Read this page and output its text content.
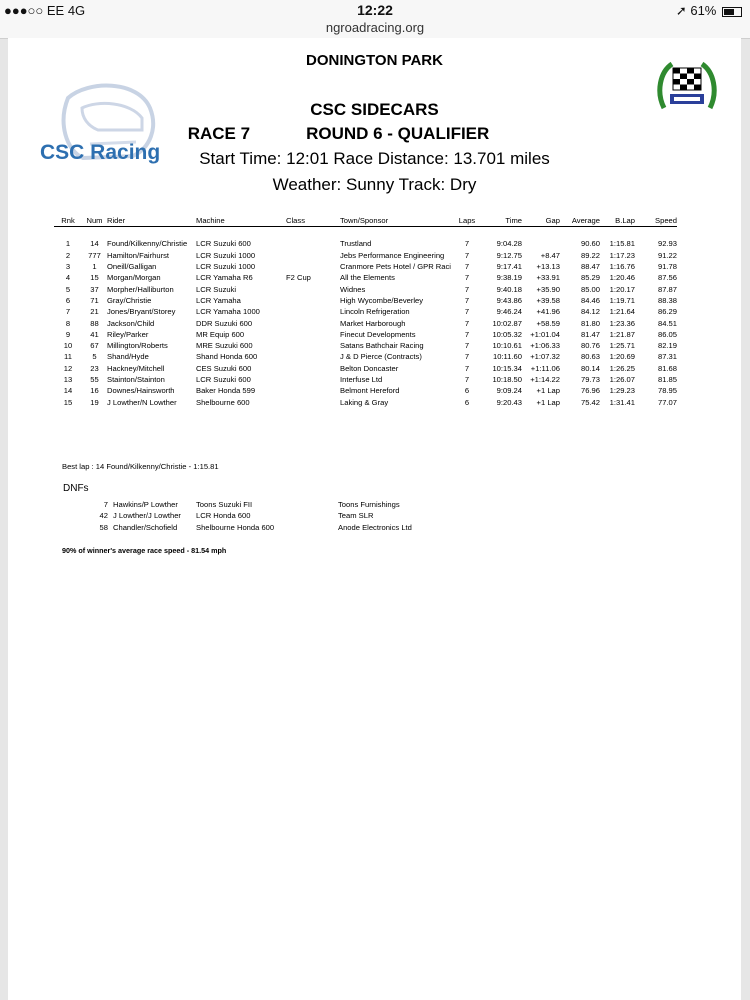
●●●○○ EE 4G	12:22	➚ 61%
ngroadracing.org
DONINGTON PARK
CSC Racing
CSC SIDECARS
RACE 7	ROUND 6 - QUALIFIER
Start Time: 12:01 Race Distance: 13.701 miles
Weather: Sunny Track: Dry
Rnk	Num	Rider	Machine	Class	Town/Sponsor	Laps	Time	Gap	Average	B.Lap	Speed

1	14	Found/Kilkenny/Christie	LCR Suzuki 600		Trustland	7	9:04.28		90.60	1:15.81	92.93
2	777	Hamilton/Fairhurst	LCR Suzuki 1000		Jebs Performance Engineering	7	9:12.75	+8.47	89.22	1:17.23	91.22
3	1	Oneill/Galligan	LCR Suzuki 1000		Cranmore Pets Hotel / GPR Raci	7	9:17.41	+13.13	88.47	1:16.76	91.78
4	15	Morgan/Morgan	LCR Yamaha R6	F2 Cup	All the Elements	7	9:38.19	+33.91	85.29	1:20.46	87.56
5	37	Morpher/Halliburton	LCR Suzuki		Widnes	7	9:40.18	+35.90	85.00	1:20.17	87.87
6	71	Gray/Christie	LCR Yamaha		High Wycombe/Beverley	7	9:43.86	+39.58	84.46	1:19.71	88.38
7	21	Jones/Bryant/Storey	LCR Yamaha 1000		Lincoln Refrigeration	7	9:46.24	+41.96	84.12	1:21.64	86.29
8	88	Jackson/Child	DDR Suzuki 600		Market Harborough	7	10:02.87	+58.59	81.80	1:23.36	84.51
9	41	Riley/Parker	MR Equip 600		Finecut Developments	7	10:05.32	+1:01.04	81.47	1:21.87	86.05
10	67	Millington/Roberts	MRE Suzuki 600		Satans Bathchair Racing	7	10:10.61	+1:06.33	80.76	1:25.71	82.19
11	5	Shand/Hyde	Shand Honda 600		J & D Pierce (Contracts)	7	10:11.60	+1:07.32	80.63	1:20.69	87.31
12	23	Hackney/Mitchell	CES Suzuki 600		Belton Doncaster	7	10:15.34	+1:11.06	80.14	1:26.25	81.68
13	55	Stainton/Stainton	LCR Suzuki 600		Interfuse Ltd	7	10:18.50	+1:14.22	79.73	1:26.07	81.85
14	16	Downes/Hainsworth	Baker Honda 599		Belmont Hereford	6	9:09.24	+1 Lap	76.96	1:29.23	78.95
15	19	J Lowther/N Lowther	Shelbourne 600		Laking & Gray	6	9:20.43	+1 Lap	75.42	1:31.41	77.07
Best lap : 14 Found/Kilkenny/Christie - 1:15.81
DNFs
7	Hawkins/P Lowther	Toons Suzuki FII	Toons Furnishings
42	J Lowther/J Lowther	LCR Honda 600	Team SLR
58	Chandler/Schofield	Shelbourne Honda 600	Anode Electronics Ltd
90% of winner's average race speed - 81.54 mph
